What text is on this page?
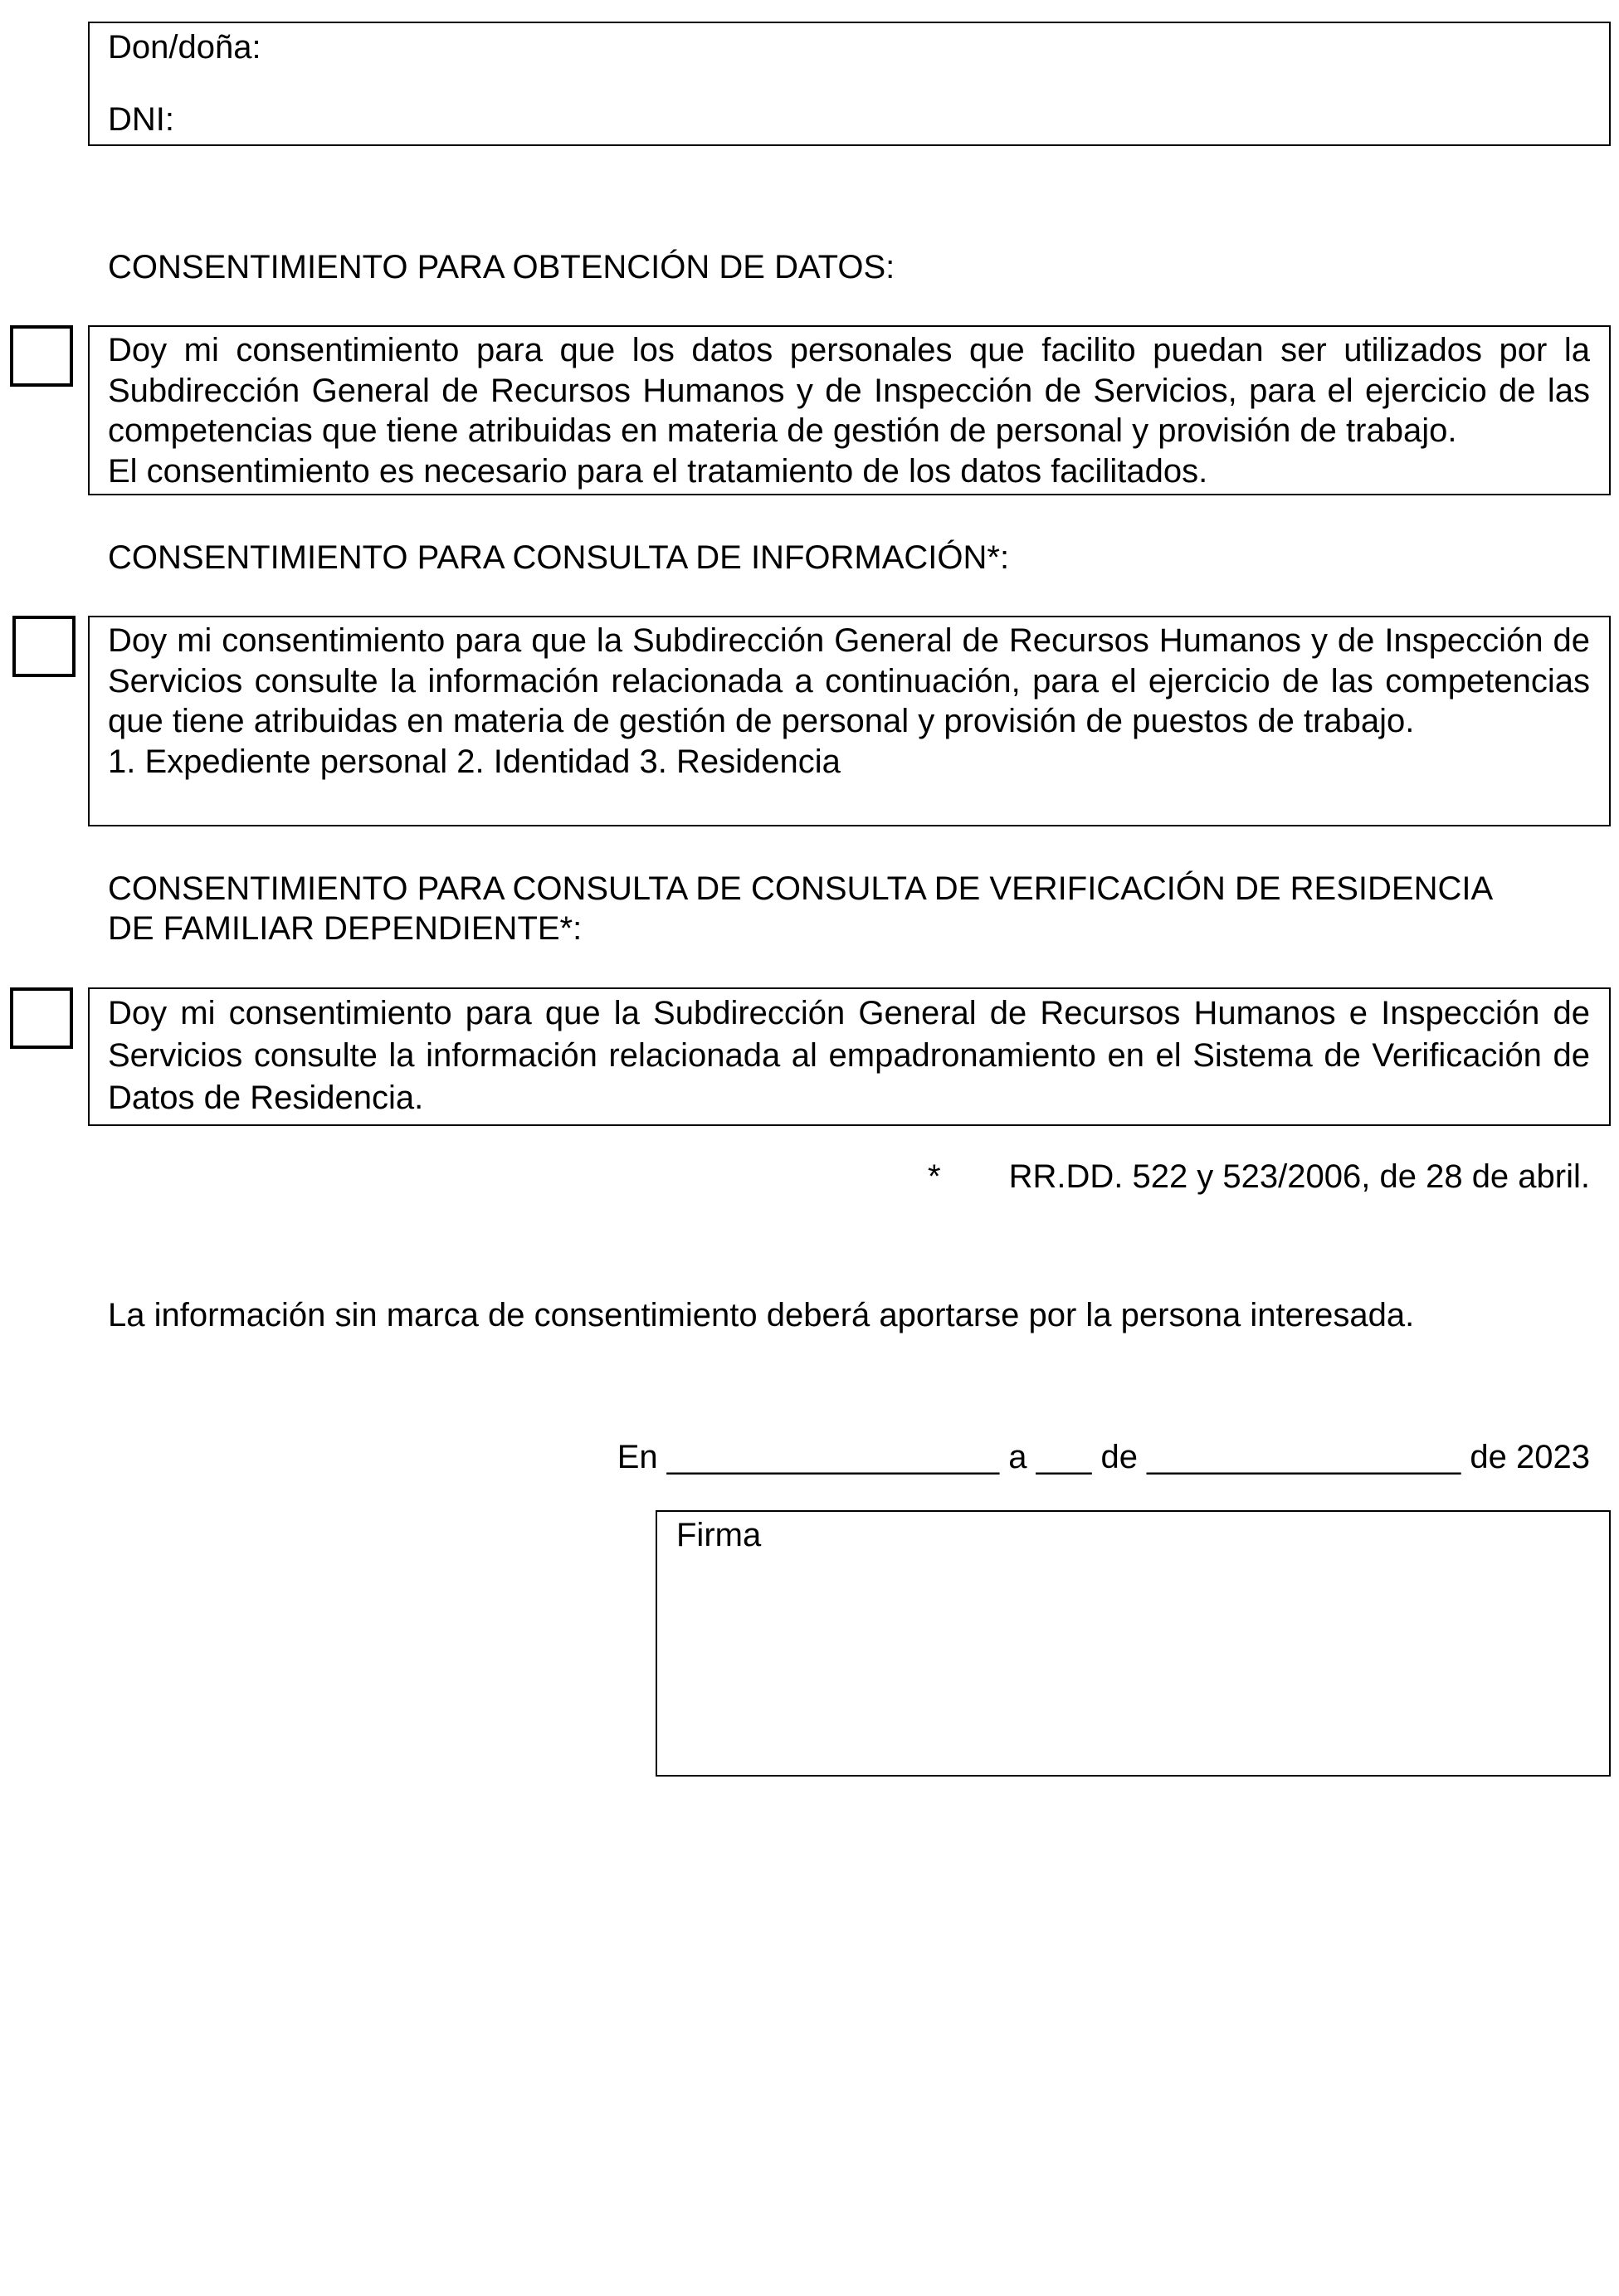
Don/doña:
DNI:
CONSENTIMIENTO PARA OBTENCIÓN DE DATOS:
Doy mi consentimiento para que los datos personales que facilito puedan ser utilizados por la Subdirección General de Recursos Humanos y de Inspección de Servicios, para el ejercicio de las competencias que tiene atribuidas en materia de gestión de personal y provisión de trabajo.
El consentimiento es necesario para el tratamiento de los datos facilitados.
CONSENTIMIENTO PARA CONSULTA DE INFORMACIÓN*:
Doy mi consentimiento para que la Subdirección General de Recursos Humanos y de Inspección de Servicios consulte la información relacionada a continuación, para el ejercicio de las competencias que tiene atribuidas en materia de gestión de personal y provisión de puestos de trabajo.
1. Expediente personal 2. Identidad 3. Residencia
CONSENTIMIENTO PARA CONSULTA DE CONSULTA DE VERIFICACIÓN DE RESIDENCIA
DE FAMILIAR DEPENDIENTE*:
Doy mi consentimiento para que la Subdirección General de Recursos Humanos e Inspección de Servicios consulte la información relacionada al empadronamiento en el Sistema de Verificación de Datos de Residencia.
* RR.DD. 522 y 523/2006, de 28 de abril.
La información sin marca de consentimiento deberá aportarse por la persona interesada.
En __________________ a ___ de _________________ de 2023
Firma
